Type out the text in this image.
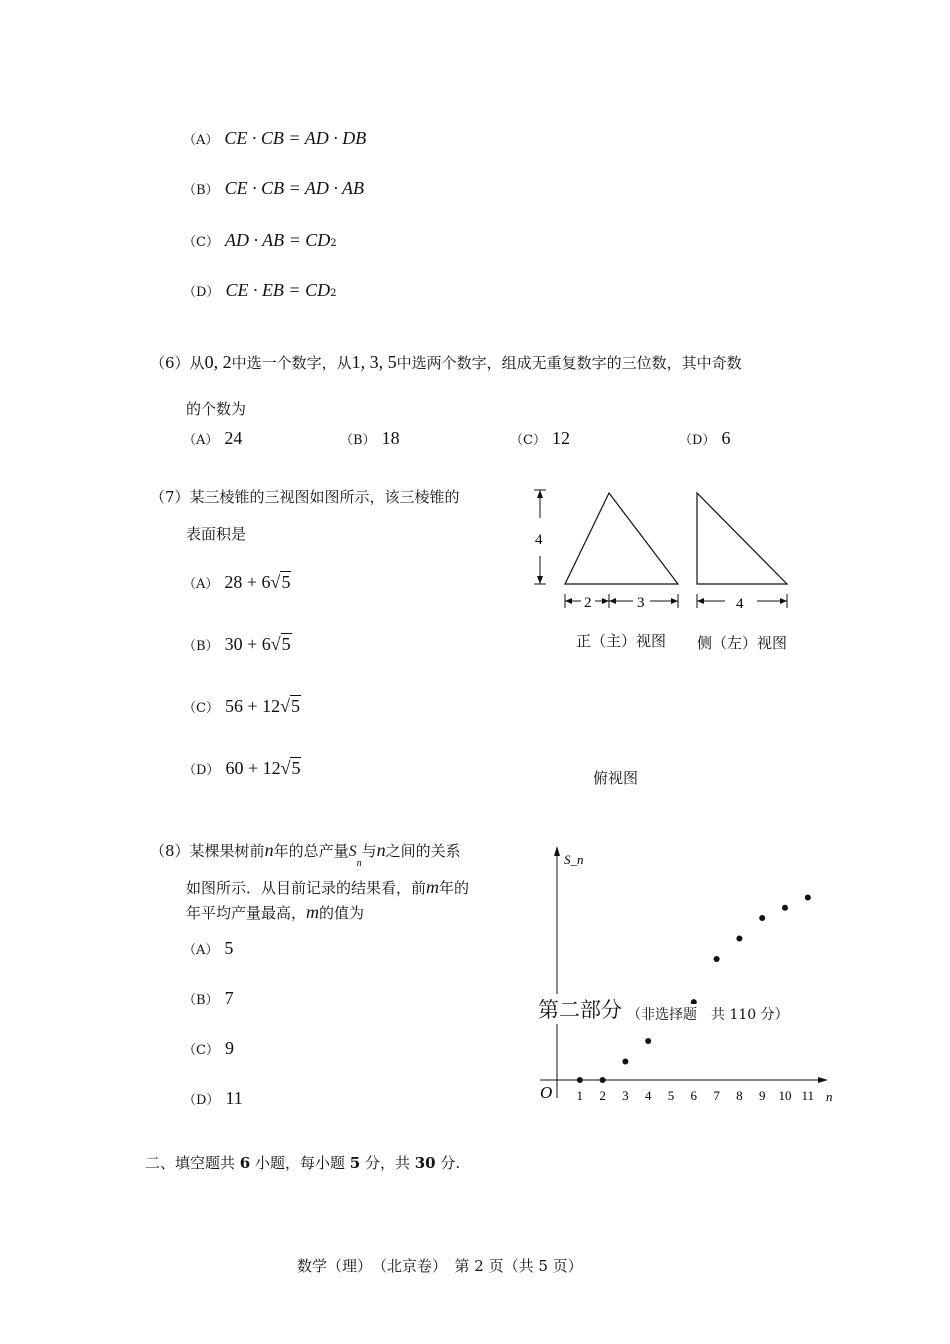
（A） CE · CB = AD · DB
（B） CE · CB = AD · AB
（C） AD · AB = CD2
（D） CE · EB = CD2
（6）从0, 2中选一个数字，从1, 3, 5中选两个数字，组成无重复数字的三位数，其中奇数
的个数为
（A） 24	（B） 18	（C） 12	（D） 6
（7）某三棱锥的三视图如图所示，该三棱锥的
表面积是
（A） 28 + 6√5
（B） 30 + 6√5
（C） 56 + 12√5
（D） 60 + 12√5
4
2	3	4
正（主）视图 侧（左）视图
俯视图
（8）某棵果树前n年的总产量$S_n$与n之间的关系
如图所示．从目前记录的结果看，前m年的
年平均产量最高，m的值为
（A） 5
（B） 7
（C） 9
（D） 11
S_n
n
O 1 2 3 4 5 6 7 8 9 10 11
第二部分 （非选择题　共 110 分）
二、填空题共 6 小题，每小题 5 分，共 30 分.
数学（理）　（北京卷）　第 2 页（共 5 页）
